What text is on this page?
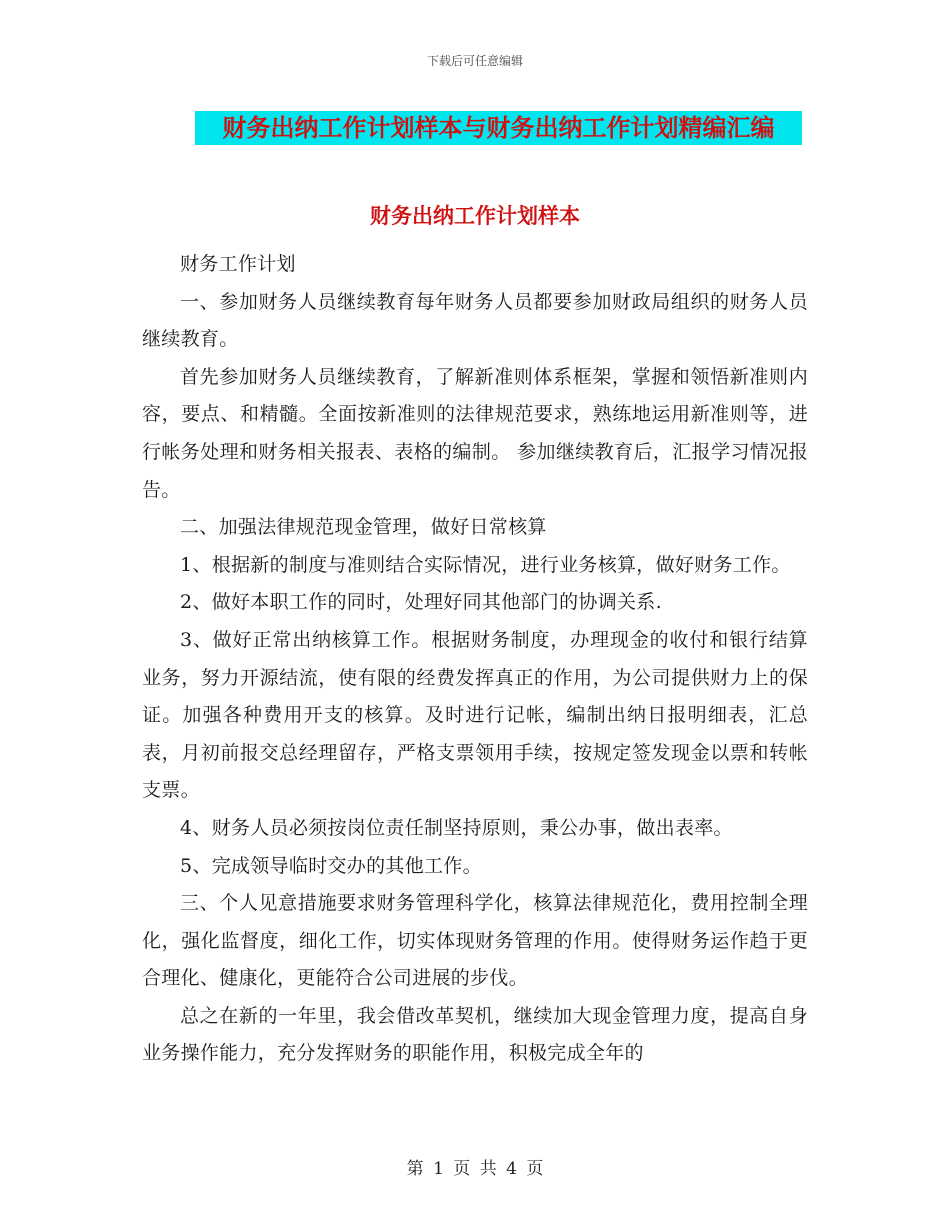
下载后可任意编辑
财务出纳工作计划样本与财务出纳工作计划精编汇编
财务出纳工作计划样本

财务工作计划

一、参加财务人员继续教育每年财务人员都要参加财政局组织的财务人员继续教育。

首先参加财务人员继续教育，了解新准则体系框架，掌握和领悟新准则内容，要点、和精髓。全面按新准则的法律规范要求，熟练地运用新准则等，进行帐务处理和财务相关报表、表格的编制。 参加继续教育后，汇报学习情况报告。

二、加强法律规范现金管理，做好日常核算

1、根据新的制度与准则结合实际情况，进行业务核算，做好财务工作。

2、做好本职工作的同时，处理好同其他部门的协调关系.

3、做好正常出纳核算工作。根据财务制度，办理现金的收付和银行结算业务，努力开源结流，使有限的经费发挥真正的作用，为公司提供财力上的保证。加强各种费用开支的核算。及时进行记帐，编制出纳日报明细表，汇总表，月初前报交总经理留存，严格支票领用手续，按规定签发现金以票和转帐支票。

4、财务人员必须按岗位责任制坚持原则，秉公办事，做出表率。

5、完成领导临时交办的其他工作。

三、个人见意措施要求财务管理科学化，核算法律规范化，费用控制全理化，强化监督度，细化工作，切实体现财务管理的作用。使得财务运作趋于更合理化、健康化，更能符合公司进展的步伐。

总之在新的一年里，我会借改革契机，继续加大现金管理力度，提高自身业务操作能力，充分发挥财务的职能作用，积极完成全年的

第 1 页 共 4 页
